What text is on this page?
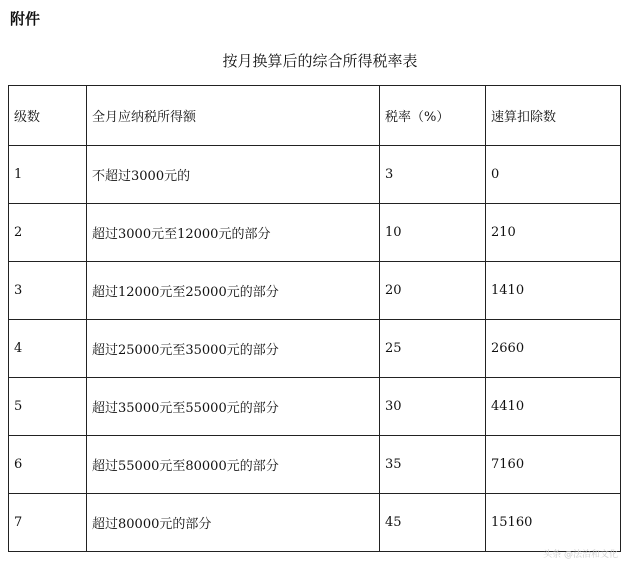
附件
按月换算后的综合所得税率表
级数	全月应纳税所得额	税率（%）	速算扣除数
1	不超过3000元的	3	0
2	超过3000元至12000元的部分	10	210
3	超过12000元至25000元的部分	20	1410
4	超过25000元至35000元的部分	25	2660
5	超过35000元至55000元的部分	30	4410
6	超过55000元至80000元的部分	35	7160
7	超过80000元的部分	45	15160
头条 @法治和文化
